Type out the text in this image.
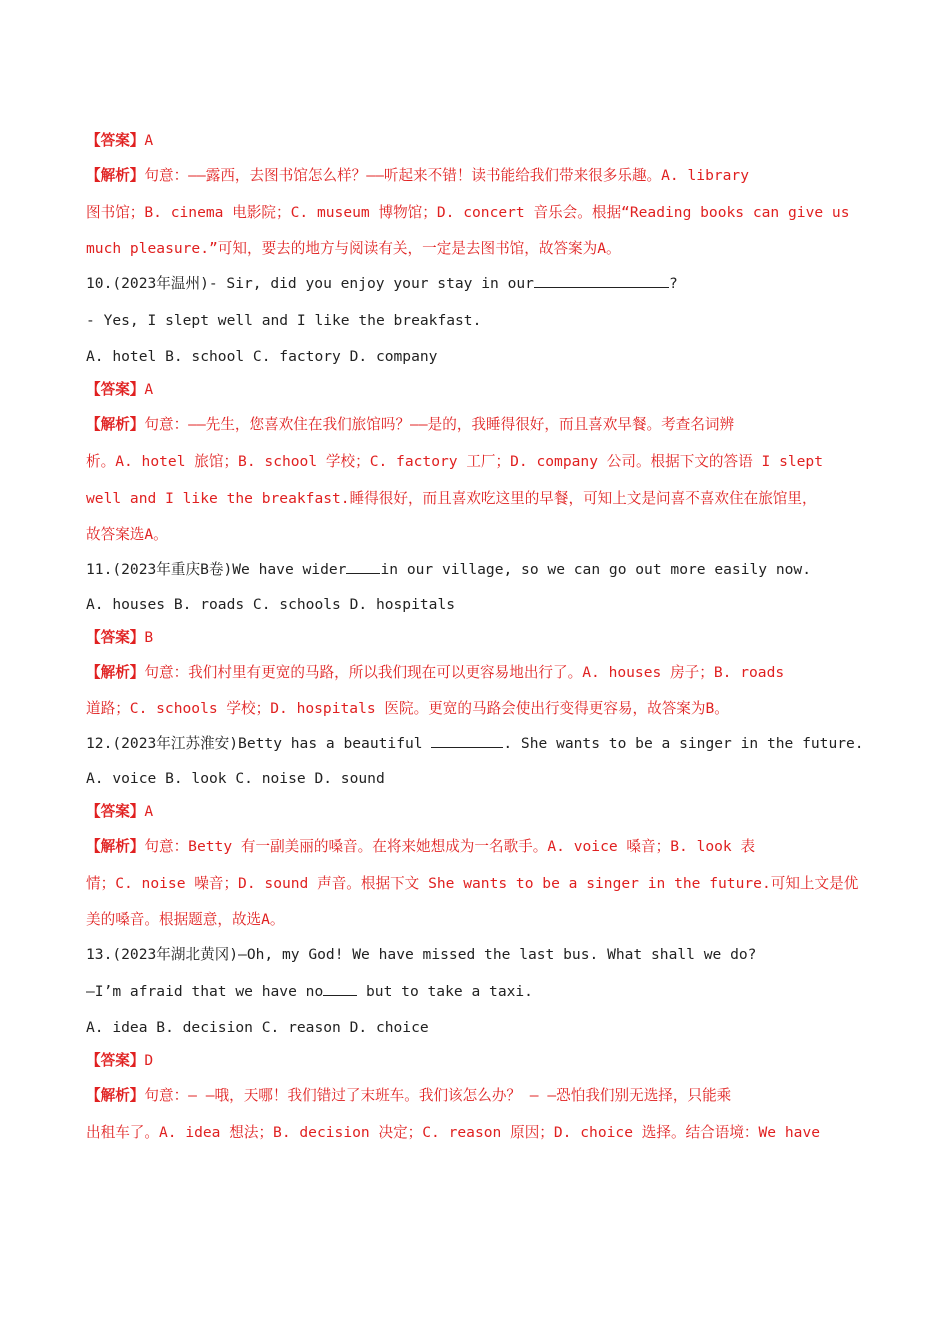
【答案】A
【解析】句意：——露西，去图书馆怎么样？——听起来不错！读书能给我们带来很多乐趣。A. library
图书馆；B. cinema 电影院；C. museum 博物馆；D. concert 音乐会。根据“Reading books can give us
much pleasure.”可知，要去的地方与阅读有关，一定是去图书馆，故答案为A。
10.(2023年温州)- Sir, did you enjoy your stay in our	?
- Yes, I slept well and I like the breakfast.
A. hotel B. school C. factory D. company
【答案】A
【解析】句意：——先生，您喜欢住在我们旅馆吗？——是的，我睡得很好，而且喜欢早餐。考查名词辨
析。A. hotel 旅馆；B. school 学校；C. factory 工厂；D. company 公司。根据下文的答语 I slept
well and I like the breakfast.睡得很好，而且喜欢吃这里的早餐，可知上文是问喜不喜欢住在旅馆里，
故答案选A。
11.(2023年重庆B卷)We have wider in our village, so we can go out more easily now.
A. houses B. roads C. schools D. hospitals
【答案】B
【解析】句意：我们村里有更宽的马路，所以我们现在可以更容易地出行了。A. houses 房子；B. roads
道路；C. schools 学校；D. hospitals 医院。更宽的马路会使出行变得更容易，故答案为B。
12.(2023年江苏淮安)Betty has a beautiful	. She wants to be a singer in the future.
A. voice B. look C. noise D. sound
【答案】A
【解析】句意：Betty 有一副美丽的嗓音。在将来她想成为一名歌手。A. voice 嗓音；B. look 表
情；C. noise 噪音；D. sound 声音。根据下文 She wants to be a singer in the future.可知上文是优
美的嗓音。根据题意，故选A。
13.(2023年湖北黄冈)—Oh, my God! We have missed the last bus. What shall we do?
—I’m afraid that we have no but to take a taxi.
A. idea B. decision C. reason D. choice
【答案】D
【解析】句意：— —哦，天哪！我们错过了末班车。我们该怎么办？ — —恐怕我们别无选择，只能乘
出租车了。A. idea 想法；B. decision 决定；C. reason 原因；D. choice 选择。结合语境：We have
